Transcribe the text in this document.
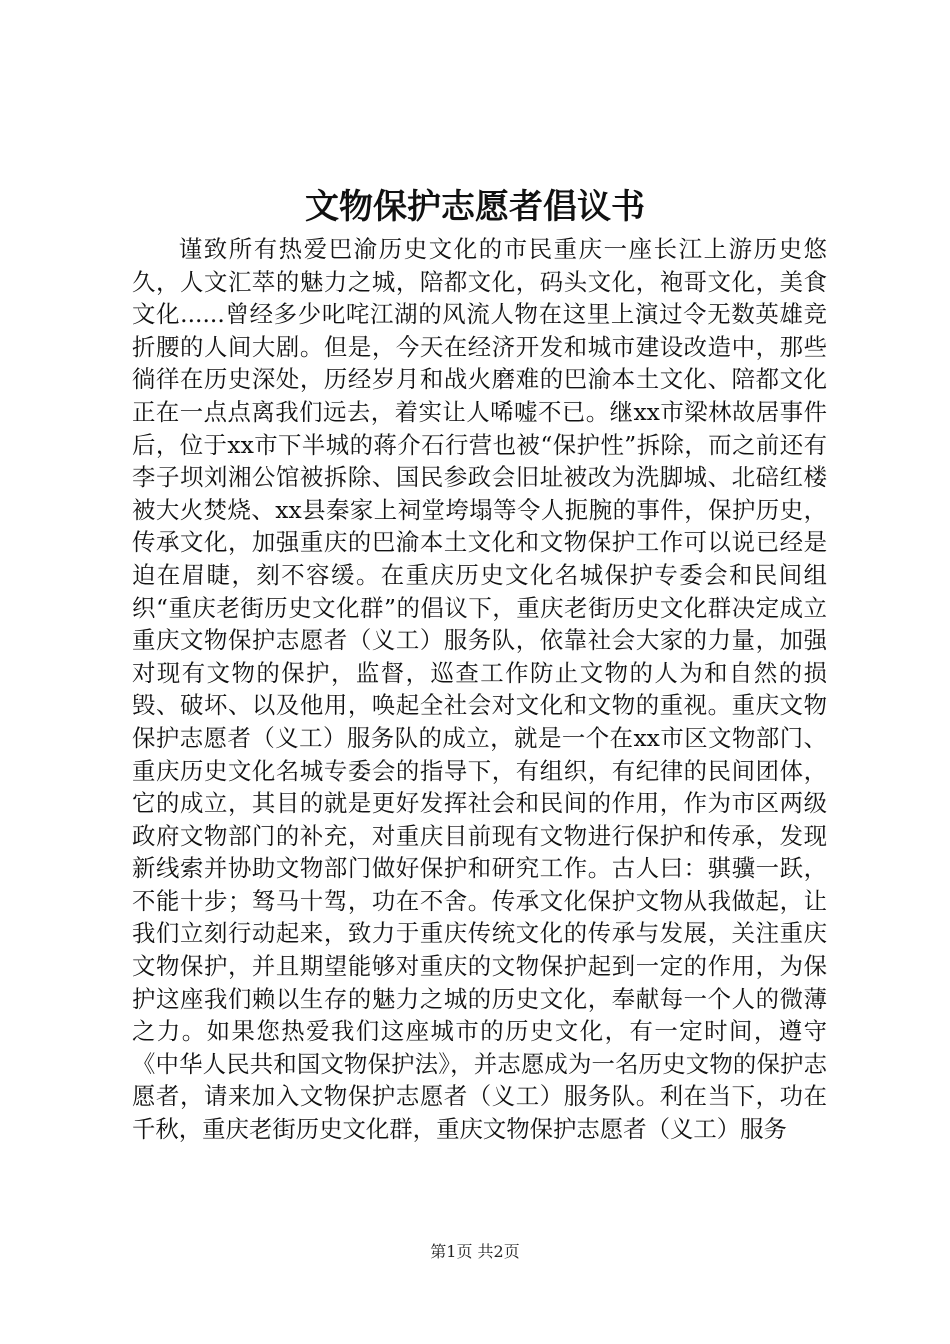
文物保护志愿者倡议书

谨致所有热爱巴渝历史文化的市民重庆一座长江上游历史悠久，人文汇萃的魅力之城，陪都文化，码头文化，袍哥文化，美食文化......曾经多少叱咤江湖的风流人物在这里上演过令无数英雄竞折腰的人间大剧。但是，今天在经济开发和城市建设改造中，那些徜徉在历史深处，历经岁月和战火磨难的巴渝本土文化、陪都文化正在一点点离我们远去，着实让人唏嘘不已。继xx市梁林故居事件后，位于xx市下半城的蒋介石行营也被“保护性”拆除，而之前还有李子坝刘湘公馆被拆除、国民参政会旧址被改为洗脚城、北碚红楼被大火焚烧、xx县秦家上祠堂垮塌等令人扼腕的事件，保护历史，传承文化，加强重庆的巴渝本土文化和文物保护工作可以说已经是迫在眉睫，刻不容缓。在重庆历史文化名城保护专委会和民间组织“重庆老街历史文化群”的倡议下，重庆老街历史文化群决定成立重庆文物保护志愿者（义工）服务队，依靠社会大家的力量，加强对现有文物的保护，监督，巡查工作防止文物的人为和自然的损毁、破坏、以及他用，唤起全社会对文化和文物的重视。重庆文物保护志愿者（义工）服务队的成立，就是一个在xx市区文物部门、重庆历史文化名城专委会的指导下，有组织，有纪律的民间团体，它的成立，其目的就是更好发挥社会和民间的作用，作为市区两级政府文物部门的补充，对重庆目前现有文物进行保护和传承，发现新线索并协助文物部门做好保护和研究工作。古人曰：骐骥一跃，不能十步；驽马十驾，功在不舍。传承文化保护文物从我做起，让我们立刻行动起来，致力于重庆传统文化的传承与发展，关注重庆文物保护，并且期望能够对重庆的文物保护起到一定的作用，为保护这座我们赖以生存的魅力之城的历史文化，奉献每一个人的微薄之力。如果您热爱我们这座城市的历史文化，有一定时间，遵守《中华人民共和国文物保护法》，并志愿成为一名历史文物的保护志愿者，请来加入文物保护志愿者（义工）服务队。利在当下，功在千秋，重庆老街历史文化群，重庆文物保护志愿者（义工）服务

第1页 共2页
